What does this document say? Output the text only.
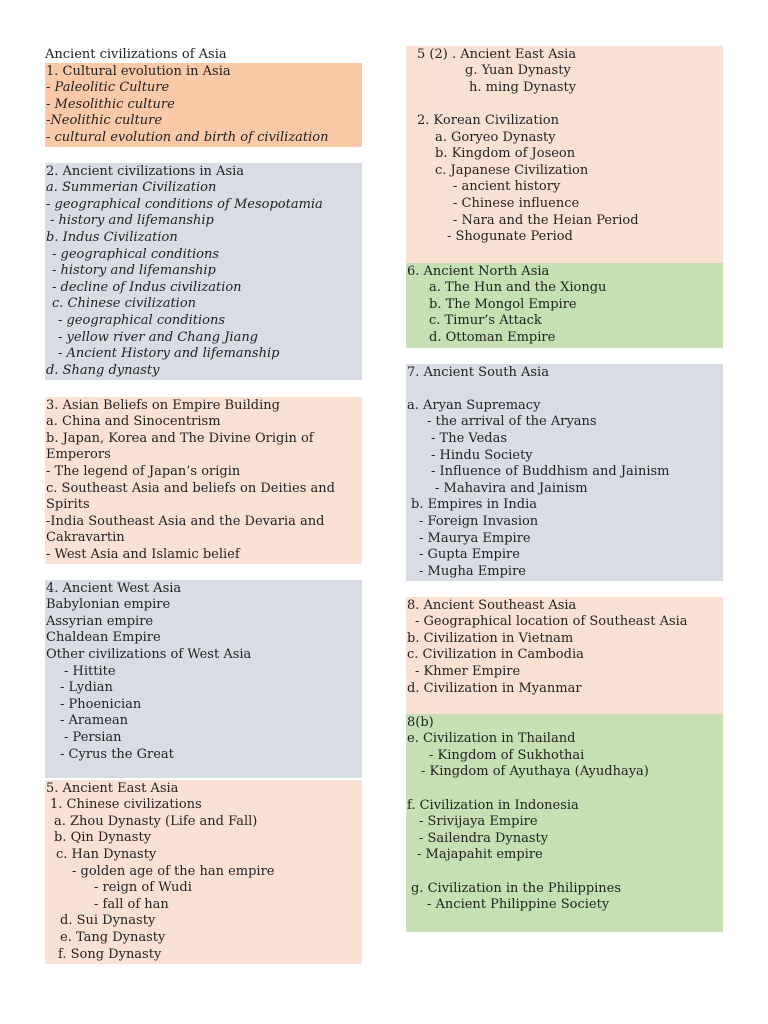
Ancient civilizations of Asia
1. Cultural evolution in Asia
- Paleolitic Culture
- Mesolithic culture
-Neolithic culture
- cultural evolution and birth of civilization
2. Ancient civilizations in Asia
a. Summerian Civilization
- geographical conditions of Mesopotamia
- history and lifemanship
b. Indus Civilization
- geographical conditions
- history and lifemanship
- decline of Indus civilization
c. Chinese civilization
- geographical conditions
- yellow river and Chang Jiang
- Ancient History and lifemanship
d. Shang dynasty
3. Asian Beliefs on Empire Building
a. China and Sinocentrism
b. Japan, Korea and The Divine Origin of
Emperors
- The legend of Japan’s origin
c. Southeast Asia and beliefs on Deities and
Spirits
-India Southeast Asia and the Devaria and
Cakravartin
- West Asia and Islamic belief
4. Ancient West Asia
Babylonian empire
Assyrian empire
Chaldean Empire
Other civilizations of West Asia
- Hittite
- Lydian
- Phoenician
- Aramean
- Persian
- Cyrus the Great
5. Ancient East Asia
1. Chinese civilizations
a. Zhou Dynasty (Life and Fall)
b. Qin Dynasty
c. Han Dynasty
- golden age of the han empire
- reign of Wudi
- fall of han
d. Sui Dynasty
e. Tang Dynasty
f. Song Dynasty
5 (2) . Ancient East Asia
g. Yuan Dynasty
h. ming Dynasty
2. Korean Civilization
a. Goryeo Dynasty
b. Kingdom of Joseon
c. Japanese Civilization
- ancient history
- Chinese influence
- Nara and the Heian Period
- Shogunate Period
6. Ancient North Asia
a. The Hun and the Xiongu
b. The Mongol Empire
c. Timur’s Attack
d. Ottoman Empire
7. Ancient South Asia
a. Aryan Supremacy
- the arrival of the Aryans
- The Vedas
- Hindu Society
- Influence of Buddhism and Jainism
- Mahavira and Jainism
b. Empires in India
- Foreign Invasion
- Maurya Empire
- Gupta Empire
- Mugha Empire
8. Ancient Southeast Asia
- Geographical location of Southeast Asia
b. Civilization in Vietnam
c. Civilization in Cambodia
- Khmer Empire
d. Civilization in Myanmar
8(b)
e. Civilization in Thailand
- Kingdom of Sukhothai
- Kingdom of Ayuthaya (Ayudhaya)
f. Civilization in Indonesia
- Srivijaya Empire
- Sailendra Dynasty
- Majapahit empire
g. Civilization in the Philippines
- Ancient Philippine Society
